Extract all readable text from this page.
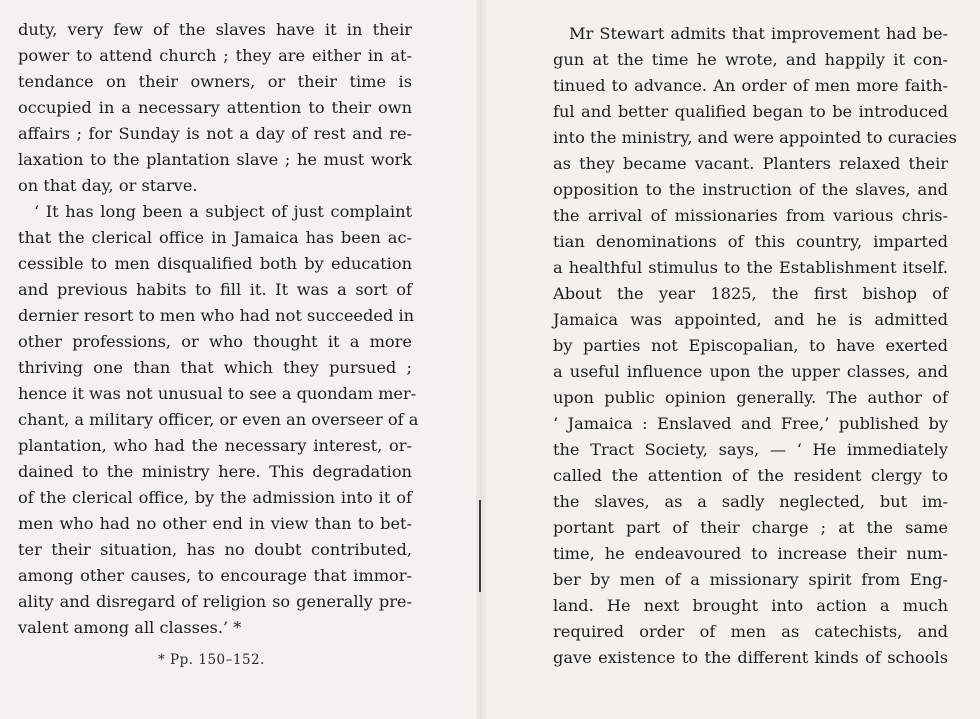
duty, very few of the slaves have it in their
power to attend church ; they are either in at-
tendance on their owners, or their time is
occupied in a necessary attention to their own
affairs ; for Sunday is not a day of rest and re-
laxation to the plantation slave ; he must work
on that day, or starve.
‘ It has long been a subject of just complaint
that the clerical office in Jamaica has been ac-
cessible to men disqualified both by education
and previous habits to fill it. It was a sort of
dernier resort to men who had not succeeded in
other professions, or who thought it a more
thriving one than that which they pursued ;
hence it was not unusual to see a quondam mer-
chant, a military officer, or even an overseer of a
plantation, who had the necessary interest, or-
dained to the ministry here. This degradation
of the clerical office, by the admission into it of
men who had no other end in view than to bet-
ter their situation, has no doubt contributed,
among other causes, to encourage that immor-
ality and disregard of religion so generally pre-
valent among all classes.’ *
* Pp. 150–152.
Mr Stewart admits that improvement had be-
gun at the time he wrote, and happily it con-
tinued to advance. An order of men more faith-
ful and better qualified began to be introduced
into the ministry, and were appointed to curacies
as they became vacant. Planters relaxed their
opposition to the instruction of the slaves, and
the arrival of missionaries from various chris-
tian denominations of this country, imparted
a healthful stimulus to the Establishment itself.
About the year 1825, the first bishop of
Jamaica was appointed, and he is admitted
by parties not Episcopalian, to have exerted
a useful influence upon the upper classes, and
upon public opinion generally. The author of
‘ Jamaica : Enslaved and Free,’ published by
the Tract Society, says, — ‘ He immediately
called the attention of the resident clergy to
the slaves, as a sadly neglected, but im-
portant part of their charge ; at the same
time, he endeavoured to increase their num-
ber by men of a missionary spirit from Eng-
land. He next brought into action a much
required order of men as catechists, and
gave existence to the different kinds of schools
